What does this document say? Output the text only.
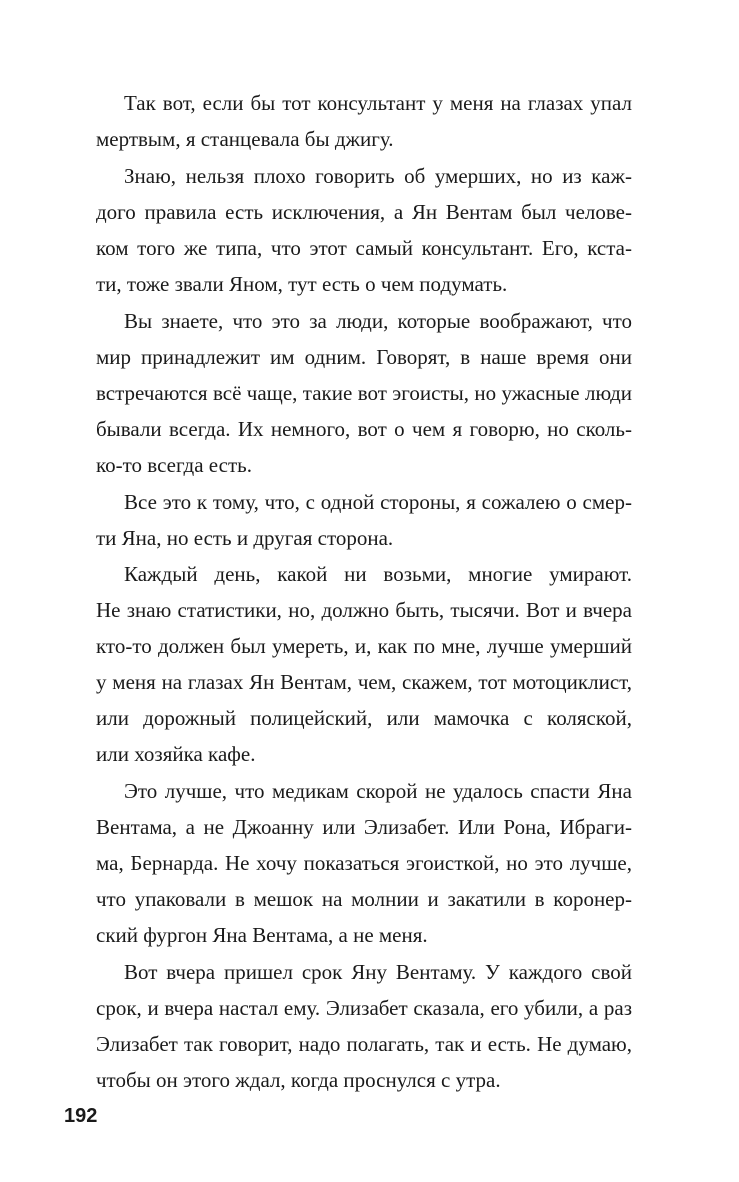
Так вот, если бы тот консультант у меня на глазах упал

мертвым, я станцевала бы джигу.

Знаю, нельзя плохо говорить об умерших, но из каж-

дого правила есть исключения, а Ян Вентам был челове-

ком того же типа, что этот самый консультант. Его, кста-

ти, тоже звали Яном, тут есть о чем подумать.

Вы знаете, что это за люди, которые воображают, что

мир принадлежит им одним. Говорят, в наше время они

встречаются всё чаще, такие вот эгоисты, но ужасные люди

бывали всегда. Их немного, вот о чем я говорю, но сколь-

ко-то всегда есть.

Все это к тому, что, с одной стороны, я сожалею о смер-

ти Яна, но есть и другая сторона.

Каждый день, какой ни возьми, многие умирают.

Не знаю статистики, но, должно быть, тысячи. Вот и вчера

кто-то должен был умереть, и, как по мне, лучше умерший

у меня на глазах Ян Вентам, чем, скажем, тот мотоциклист,

или дорожный полицейский, или мамочка с коляской,

или хозяйка кафе.

Это лучше, что медикам скорой не удалось спасти Яна

Вентама, а не Джоанну или Элизабет. Или Рона, Ибраги-

ма, Бернарда. Не хочу показаться эгоисткой, но это лучше,

что упаковали в мешок на молнии и закатили в коронер-

ский фургон Яна Вентама, а не меня.

Вот вчера пришел срок Яну Вентаму. У каждого свой

срок, и вчера настал ему. Элизабет сказала, его убили, а раз

Элизабет так говорит, надо полагать, так и есть. Не думаю,

чтобы он этого ждал, когда проснулся с утра.

192
